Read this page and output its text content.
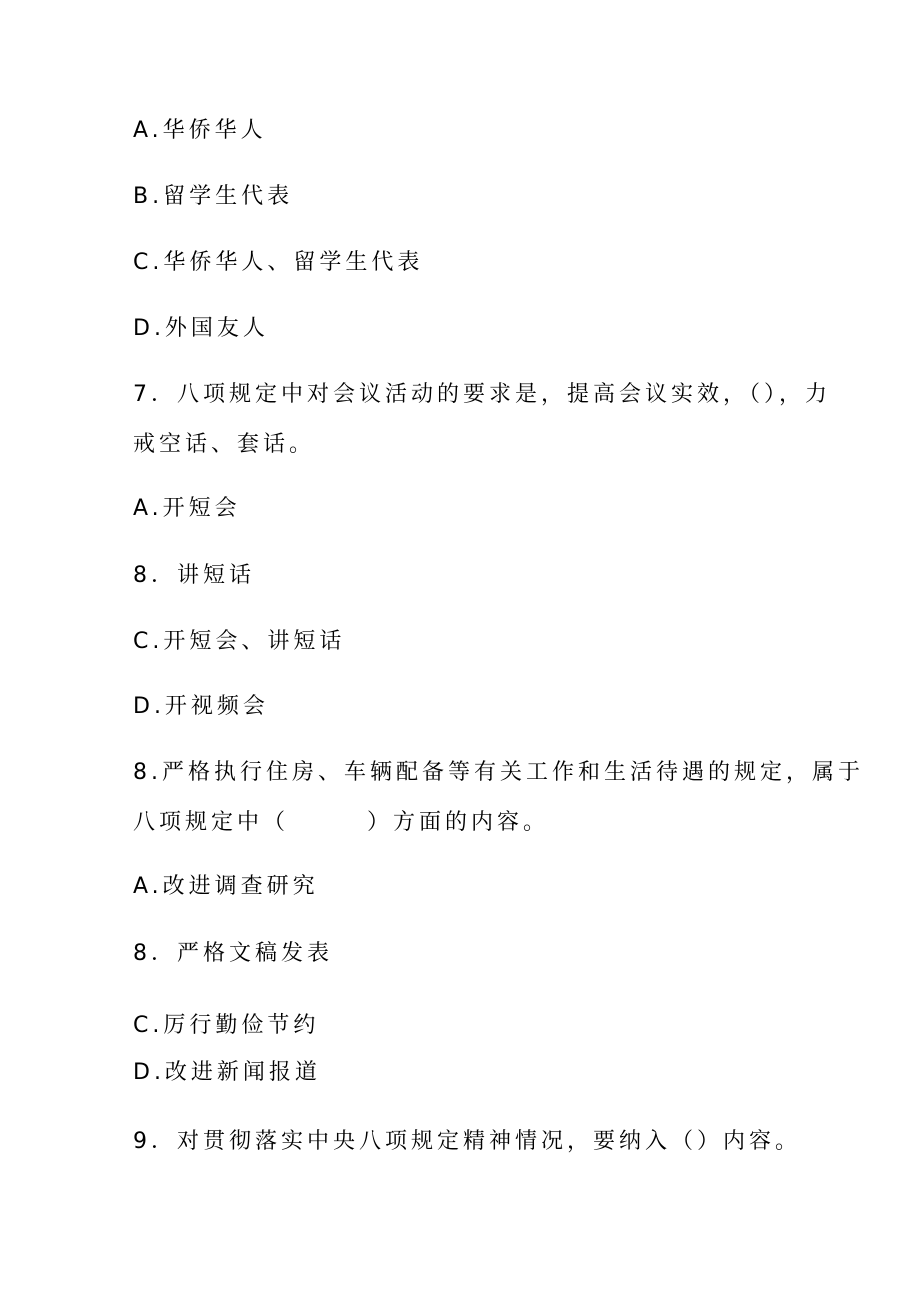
A.华侨华人
B.留学生代表
C.华侨华人、留学生代表
D.外国友人
7．八项规定中对会议活动的要求是，提高会议实效，（），力
戒空话、套话。
A.开短会
8．讲短话
C.开短会、讲短话
D.开视频会
8.严格执行住房、车辆配备等有关工作和生活待遇的规定，属于
八项规定中（　　　）方面的内容。
A.改进调查研究
8．严格文稿发表
C.厉行勤俭节约
D.改进新闻报道
9．对贯彻落实中央八项规定精神情况，要纳入（）内容。
